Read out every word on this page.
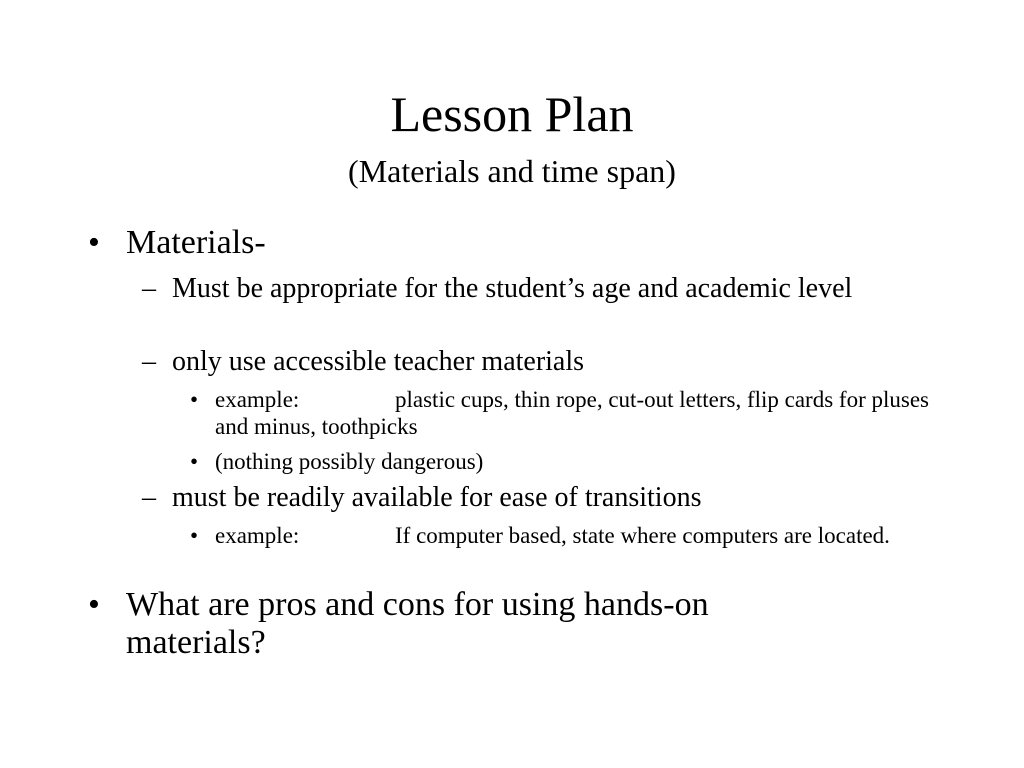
Lesson Plan
(Materials and time span)
• Materials-
– Must be appropriate for the student’s age and academic level
– only use accessible teacher materials
• example:	plastic cups, thin rope, cut-out letters, flip cards for pluses and minus, toothpicks
• (nothing possibly dangerous)
– must be readily available for ease of transitions
• example:	If computer based, state where computers are located.
• What are pros and cons for using hands-on materials?
